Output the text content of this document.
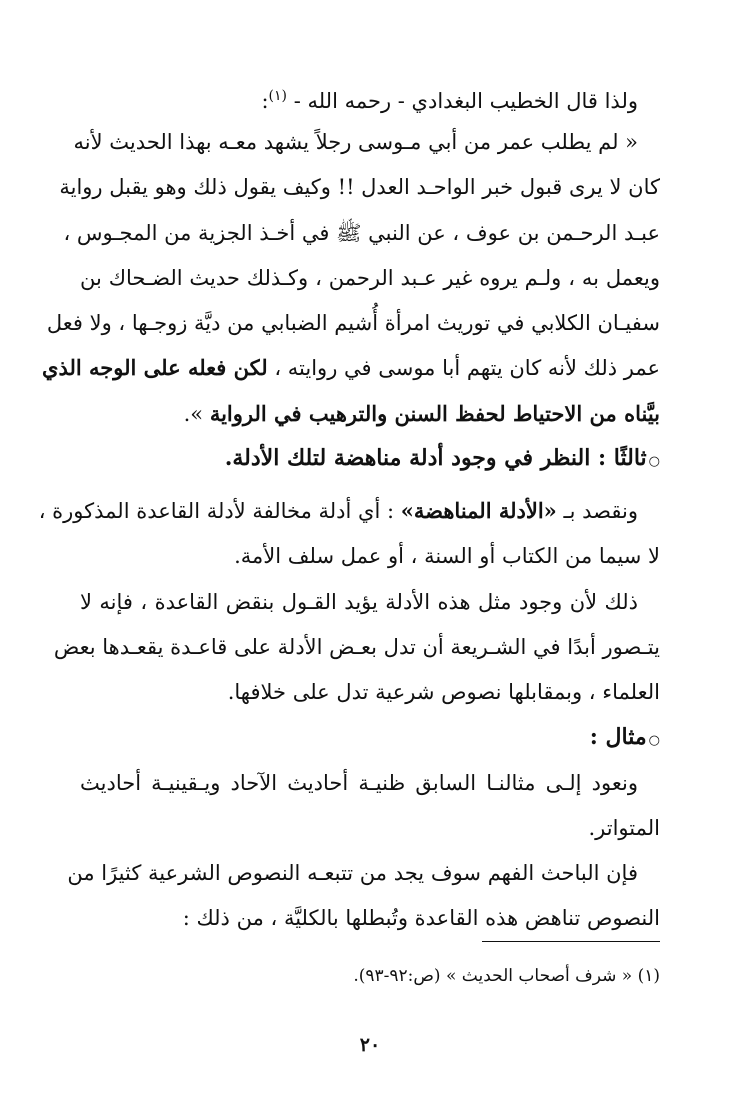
ولذا قال الخطيب البغدادي - رحمه الله - $^{(١)}$:
« لم يطلب عمر من أبي مـوسى رجلاً يشهد معـه بهذا الحديث لأنه
كان لا يرى قبول خبر الواحـد العدل !! وكيف يقول ذلك وهو يقبل رواية
عبـد الرحـمن بن عوف ، عن النبي ﷺ في أخـذ الجزية من المجـوس ،
ويعمل به ، ولـم يروه غير عـبد الرحمن ، وكـذلك حديث الضـحاك بن
سفيـان الكلابي في توريث امرأة أُشيم الضبابي من ديَّة زوجـها ، ولا فعل
عمر ذلك لأنه كان يتهم أبا موسى في روايته ، لكن فعله على الوجه الذي
بيَّناه من الاحتياط لحفظ السنن والترهيب في الرواية ».
○ثالثًا : النظر في وجود أدلة مناهضة لتلك الأدلة.
ونقصد بـ «الأدلة المناهضة» : أي أدلة مخالفة لأدلة القاعدة المذكورة ،
لا سيما من الكتاب أو السنة ، أو عمل سلف الأمة.
ذلك لأن وجود مثل هذه الأدلة يؤيد القـول بنقض القاعدة ، فإنه لا
يتـصور أبدًا في الشـريعة أن تدل بعـض الأدلة على قاعـدة يقعـدها بعض
العلماء ، وبمقابلها نصوص شرعية تدل على خلافها.
○مثال :
ونعود إلـى مثالنـا السابق ظنيـة أحاديث الآحاد ويـقينيـة أحاديث
المتواتر.
فإن الباحث الفهم سوف يجد من تتبعـه النصوص الشرعية كثيرًا من
النصوص تناهض هذه القاعدة وتُبطلها بالكليَّة ، من ذلك :
(١) « شرف أصحاب الحديث » (ص:٩٢-٩٣).
٢٠
